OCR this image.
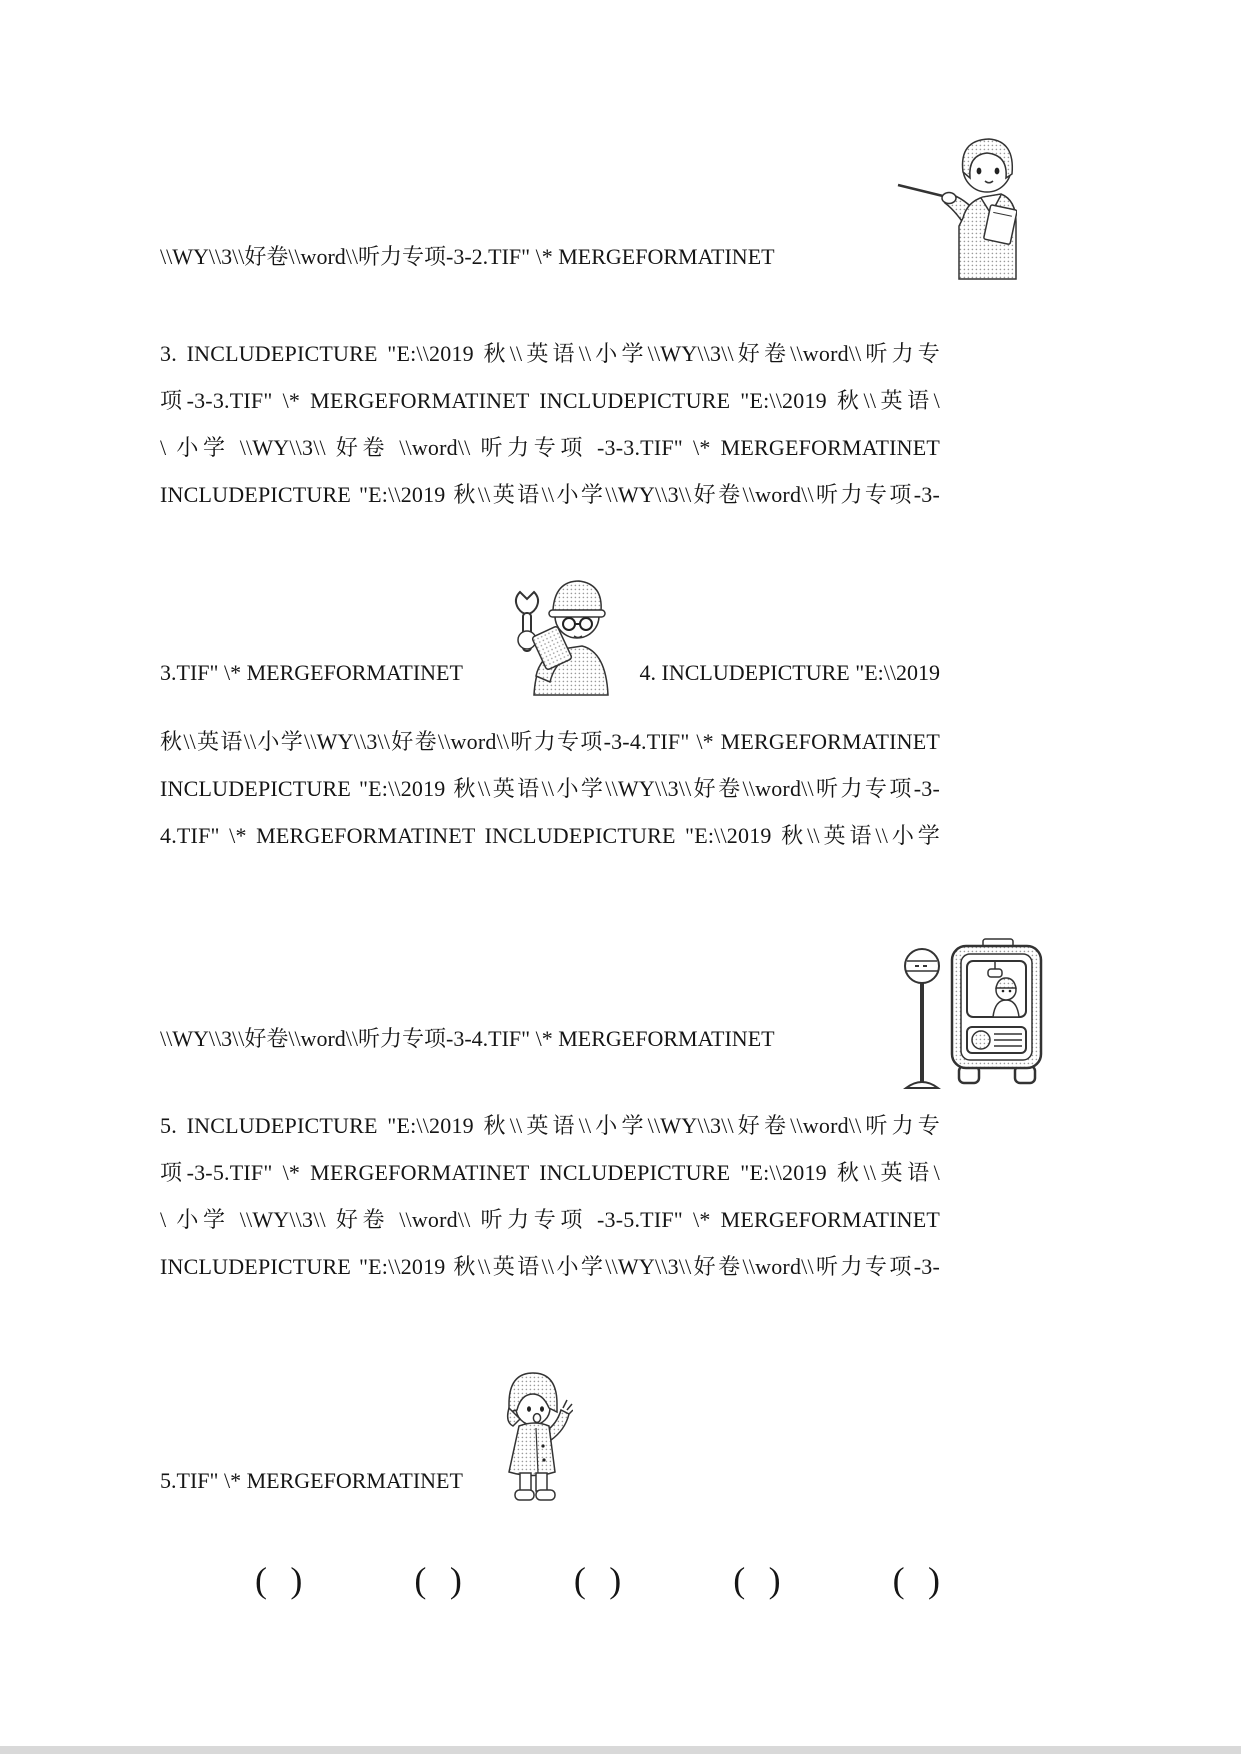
\\WY\\3\\好卷\\word\\听力专项-3-2.TIF" \* MERGEFORMATINET
3. INCLUDEPICTURE "E:\\2019 秋\\英语\\小学\\WY\\3\\好卷\\word\\听力专
项-3-3.TIF" \* MERGEFORMATINET INCLUDEPICTURE "E:\\2019 秋\\英语\
\ 小学 \\WY\\3\\ 好卷 \\word\\ 听力专项 -3-3.TIF" \* MERGEFORMATINET
INCLUDEPICTURE "E:\\2019 秋\\英语\\小学\\WY\\3\\好卷\\word\\听力专项-3-
3.TIF" \* MERGEFORMATINET	4. INCLUDEPICTURE "E:\\2019
秋\\英语\\小学\\WY\\3\\好卷\\word\\听力专项-3-4.TIF" \* MERGEFORMATINET
INCLUDEPICTURE "E:\\2019 秋\\英语\\小学\\WY\\3\\好卷\\word\\听力专项-3-
4.TIF" \* MERGEFORMATINET INCLUDEPICTURE "E:\\2019 秋\\英语\\小学
\\WY\\3\\好卷\\word\\听力专项-3-4.TIF" \* MERGEFORMATINET
5. INCLUDEPICTURE "E:\\2019 秋\\英语\\小学\\WY\\3\\好卷\\word\\听力专
项-3-5.TIF" \* MERGEFORMATINET INCLUDEPICTURE "E:\\2019 秋\\英语\
\ 小学 \\WY\\3\\ 好卷 \\word\\ 听力专项 -3-5.TIF" \* MERGEFORMATINET
INCLUDEPICTURE "E:\\2019 秋\\英语\\小学\\WY\\3\\好卷\\word\\听力专项-3-
5.TIF" \* MERGEFORMATINET
( )	( )	( )	( )	( )
